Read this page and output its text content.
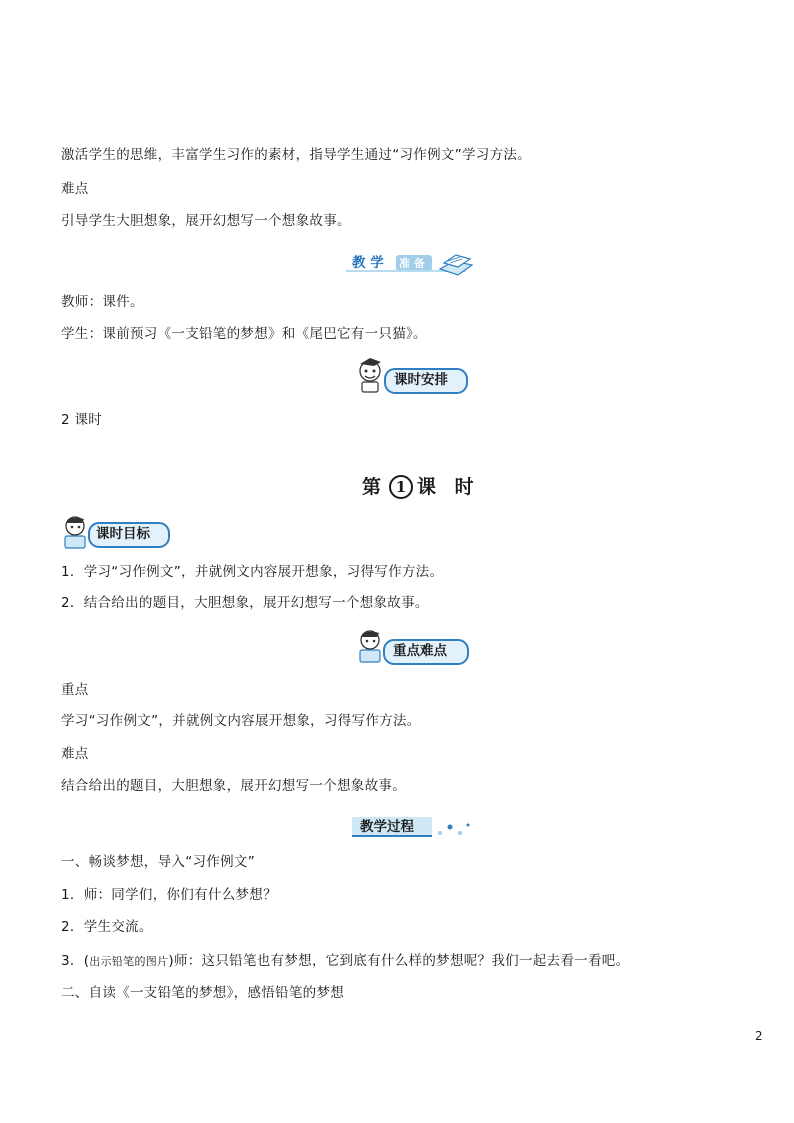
激活学生的思维，丰富学生习作的素材，指导学生通过“习作例文”学习方法。
难点
引导学生大胆想象，展开幻想写一个想象故事。
教 学 准 备
教师：课件。
学生：课前预习《一支铅笔的梦想》和《尾巴它有一只猫》。
课时安排
2 课时
第 1 课 时
课时目标
1．学习“习作例文”，并就例文内容展开想象，习得写作方法。
2．结合给出的题目，大胆想象，展开幻想写一个想象故事。
重点难点
重点
学习“习作例文”，并就例文内容展开想象，习得写作方法。
难点
结合给出的题目，大胆想象，展开幻想写一个想象故事。
教学过程
一、畅谈梦想，导入“习作例文”
1．师：同学们，你们有什么梦想？
2．学生交流。
3．(出示铅笔的图片)师：这只铅笔也有梦想，它到底有什么样的梦想呢？我们一起去看一看吧。
二、自读《一支铅笔的梦想》，感悟铅笔的梦想
2
